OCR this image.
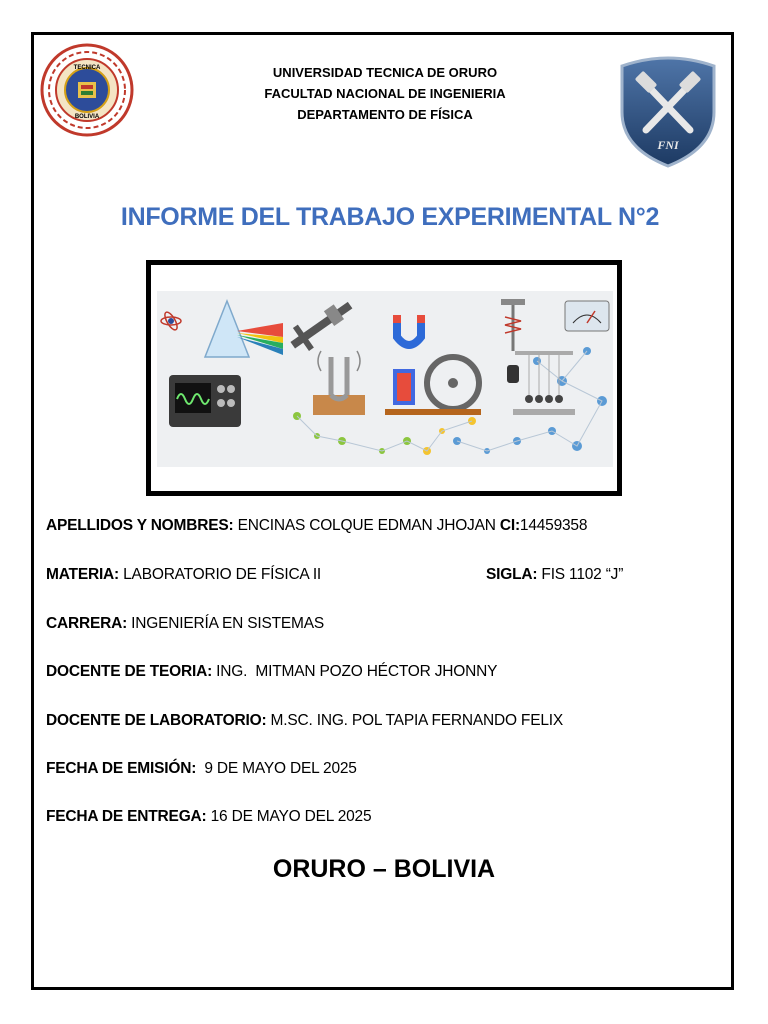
TECNICA
BOLIVIA
UNIVERSIDAD TECNICA DE ORURO
FACULTAD NACIONAL DE INGENIERIA
DEPARTAMENTO DE FÍSICA
FNI
INFORME DEL TRABAJO EXPERIMENTAL N°2
APELLIDOS Y NOMBRES: ENCINAS COLQUE EDMAN JHOJAN CI:14459358
MATERIA: LABORATORIO DE FÍSICA II	SIGLA: FIS 1102 “J”
CARRERA: INGENIERÍA EN SISTEMAS
DOCENTE DE TEORIA: ING.  MITMAN POZO HÉCTOR JHONNY
DOCENTE DE LABORATORIO: M.SC. ING. POL TAPIA FERNANDO FELIX
FECHA DE EMISIÓN:  9 DE MAYO DEL 2025
FECHA DE ENTREGA: 16 DE MAYO DEL 2025
ORURO – BOLIVIA
